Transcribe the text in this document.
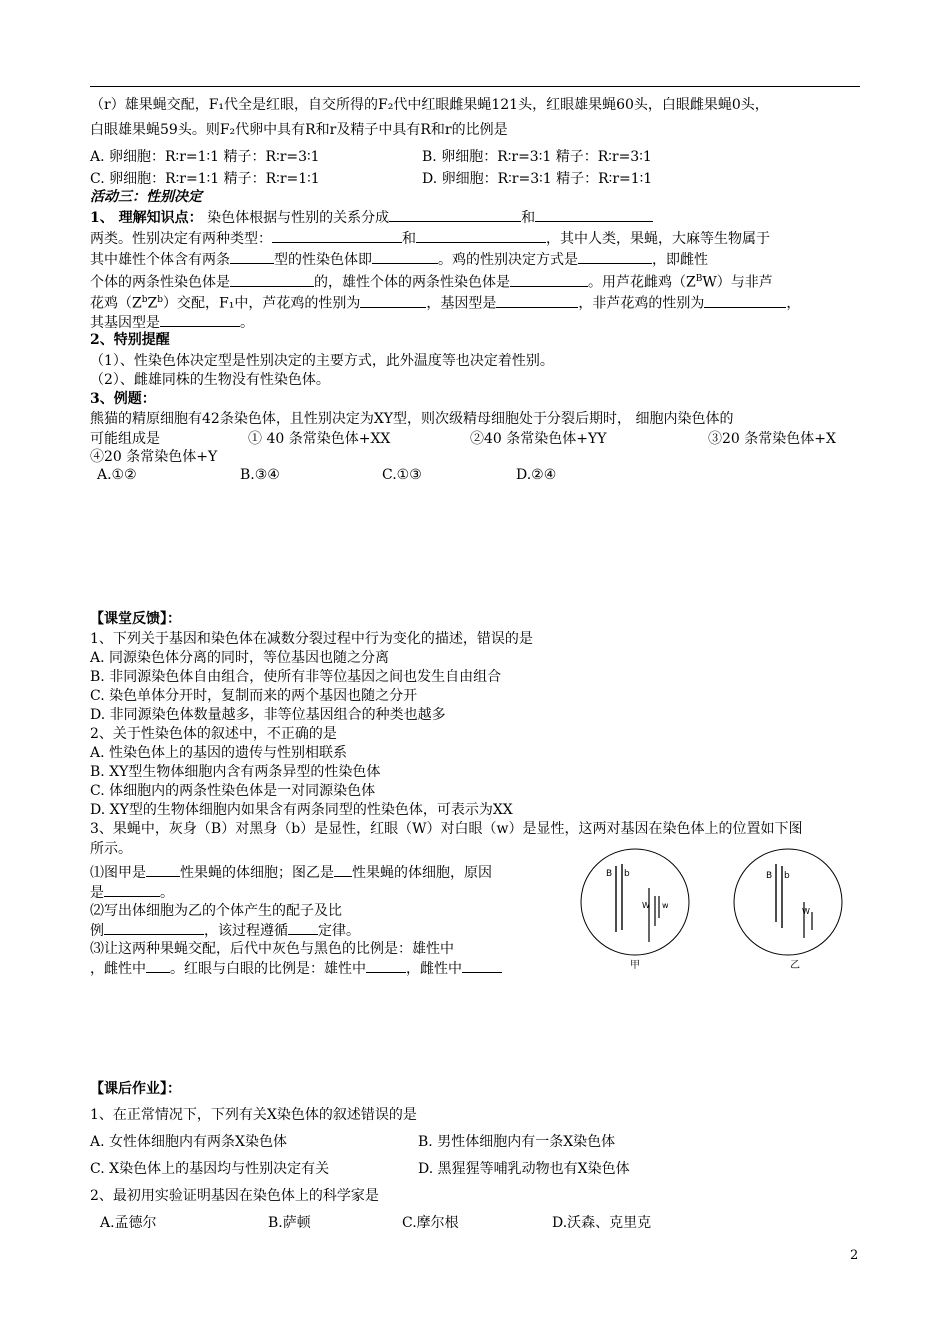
（r）雄果蝇交配，F₁代全是红眼，自交所得的F₂代中红眼雌果蝇121头，红眼雄果蝇60头，白眼雌果蝇0头，
白眼雄果蝇59头。则F₂代卵中具有R和r及精子中具有R和r的比例是
A. 卵细胞：R∶r=1∶1 精子：R∶r=3∶1	B. 卵细胞：R∶r=3∶1 精子：R∶r=3∶1
C. 卵细胞：R∶r=1∶1 精子：R∶r=1∶1	D. 卵细胞：R∶r=3∶1 精子：R∶r=1∶1
活动三：性别决定
1、 理解知识点： 染色体根据与性别的关系分成	和
两类。性别决定有两种类型：	和	，其中人类，果蝇，大麻等生物属于
其中雄性个体含有两条	型的性染色体即	。鸡的性别决定方式是	，即雌性
个体的两条性染色体是	的，雄性个体的两条性染色体是	。用芦花雌鸡$(Z^BW)$与非芦
花鸡$(Z^bZ^b)$交配，F₁中，芦花鸡的性别为	，基因型是	，非芦花鸡的性别为	，
其基因型是	。
2、特别提醒
（1）、性染色体决定型是性别决定的主要方式，此外温度等也决定着性别。
（2）、雌雄同株的生物没有性染色体。
3、例题：
熊猫的精原细胞有42条染色体，且性别决定为XY型，则次级精母细胞处于分裂后期时， 细胞内染色体的
可能组成是	① 40 条常染色体+XX	②40 条常染色体+YY	③20 条常染色体+X
④20 条常染色体+Y
A.①②	B.③④	C.①③	D.②④
【课堂反馈】：
1、下列关于基因和染色体在减数分裂过程中行为变化的描述，错误的是
A. 同源染色体分离的同时，等位基因也随之分离
B. 非同源染色体自由组合，使所有非等位基因之间也发生自由组合
C. 染色单体分开时，复制而来的两个基因也随之分开
D. 非同源染色体数量越多，非等位基因组合的种类也越多
2、关于性染色体的叙述中，不正确的是
A. 性染色体上的基因的遗传与性别相联系
B. XY型生物体细胞内含有两条异型的性染色体
C. 体细胞内的两条性染色体是一对同源染色体
D. XY型的生物体细胞内如果含有两条同型的性染色体，可表示为XX
3、果蝇中，灰身（B）对黑身（b）是显性，红眼（W）对白眼（w）是显性，这两对基因在染色体上的位置如下图
所示。
⑴图甲是 性果蝇的体细胞；图乙是 性果蝇的体细胞，原因
是	。
⑵写出体细胞为乙的个体产生的配子及比
例	，该过程遵循 定律。
⑶让这两种果蝇交配，后代中灰色与黑色的比例是：雄性中
，雌性中 。红眼与白眼的比例是：雄性中	，雌性中
B b
W w
B b
W
甲	乙
【课后作业】：
1、在正常情况下，下列有关X染色体的叙述错误的是
A. 女性体细胞内有两条X染色体	B. 男性体细胞内有一条X染色体
C. X染色体上的基因均与性别决定有关	D. 黑猩猩等哺乳动物也有X染色体
2、最初用实验证明基因在染色体上的科学家是
A.孟德尔	B.萨顿	C.摩尔根	D.沃森、克里克
2
